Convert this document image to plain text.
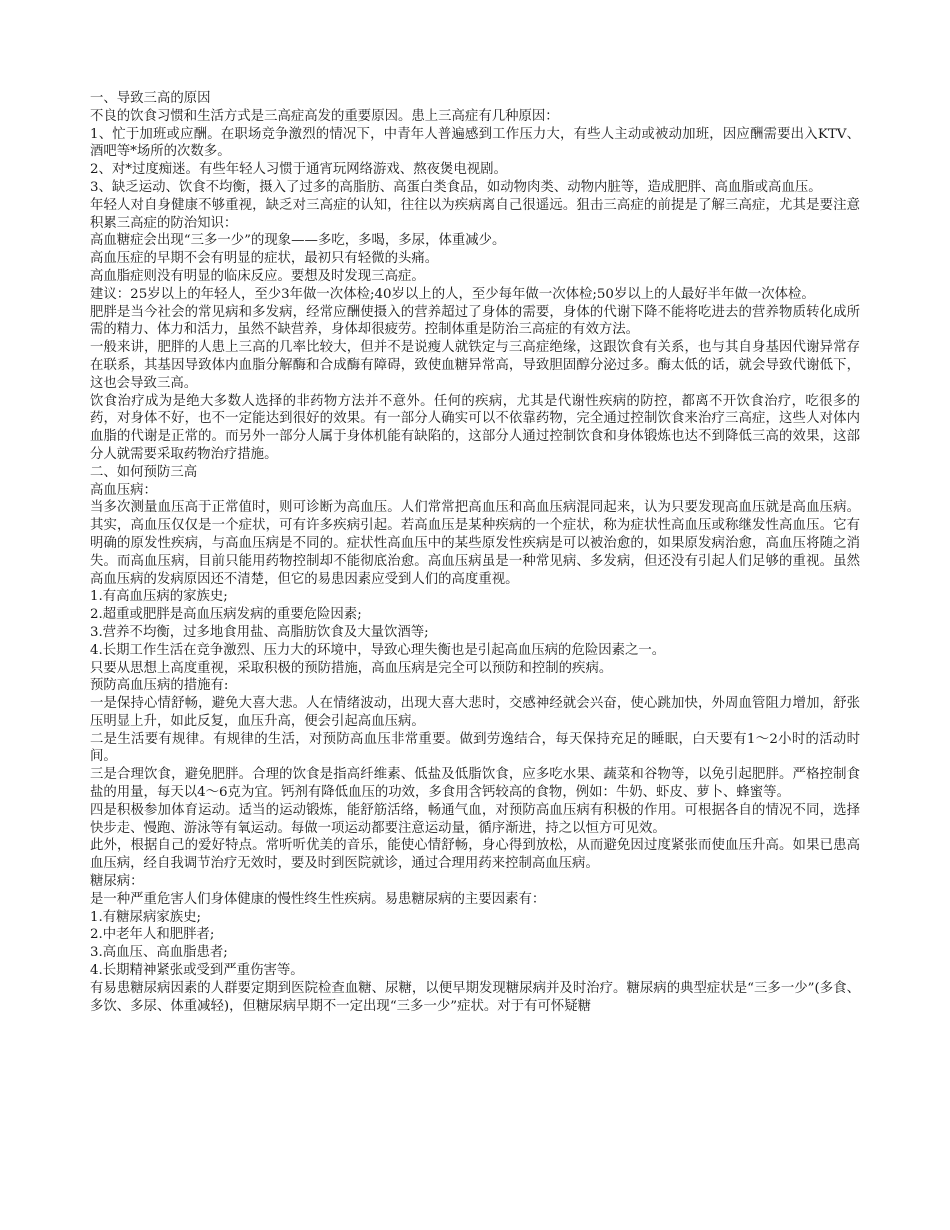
一、导致三高的原因

不良的饮食习惯和生活方式是三高症高发的重要原因。患上三高症有几种原因：

1、忙于加班或应酬。在职场竞争激烈的情况下，中青年人普遍感到工作压力大，有些人主动或被动加班，因应酬需要出入KTV、酒吧等*场所的次数多。

2、对*过度痴迷。有些年轻人习惯于通宵玩网络游戏、熬夜煲电视剧。

3、缺乏运动、饮食不均衡，摄入了过多的高脂肪、高蛋白类食品，如动物肉类、动物内脏等，造成肥胖、高血脂或高血压。

年轻人对自身健康不够重视，缺乏对三高症的认知，往往以为疾病离自己很遥远。狙击三高症的前提是了解三高症，尤其是要注意积累三高症的防治知识：

高血糖症会出现“三多一少”的现象——多吃，多喝，多尿，体重减少。

高血压症的早期不会有明显的症状，最初只有轻微的头痛。

高血脂症则没有明显的临床反应。要想及时发现三高症。

建议：25岁以上的年轻人，至少3年做一次体检;40岁以上的人，至少每年做一次体检;50岁以上的人最好半年做一次体检。

肥胖是当今社会的常见病和多发病，经常应酬使摄入的营养超过了身体的需要，身体的代谢下降不能将吃进去的营养物质转化成所需的精力、体力和活力，虽然不缺营养，身体却很疲劳。控制体重是防治三高症的有效方法。

一般来讲，肥胖的人患上三高的几率比较大，但并不是说瘦人就铁定与三高症绝缘，这跟饮食有关系，也与其自身基因代谢异常存在联系，其基因导致体内血脂分解酶和合成酶有障碍，致使血糖异常高，导致胆固醇分泌过多。酶太低的话，就会导致代谢低下，这也会导致三高。

饮食治疗成为是绝大多数人选择的非药物方法并不意外。任何的疾病，尤其是代谢性疾病的防控，都离不开饮食治疗，吃很多的药，对身体不好，也不一定能达到很好的效果。有一部分人确实可以不依靠药物，完全通过控制饮食来治疗三高症，这些人对体内血脂的代谢是正常的。而另外一部分人属于身体机能有缺陷的，这部分人通过控制饮食和身体锻炼也达不到降低三高的效果，这部分人就需要采取药物治疗措施。

二、如何预防三高

高血压病：

当多次测量血压高于正常值时，则可诊断为高血压。人们常常把高血压和高血压病混同起来，认为只要发现高血压就是高血压病。其实，高血压仅仅是一个症状，可有许多疾病引起。若高血压是某种疾病的一个症状，称为症状性高血压或称继发性高血压。它有明确的原发性疾病，与高血压病是不同的。症状性高血压中的某些原发性疾病是可以被治愈的，如果原发病治愈，高血压将随之消失。而高血压病，目前只能用药物控制却不能彻底治愈。高血压病虽是一种常见病、多发病，但还没有引起人们足够的重视。虽然高血压病的发病原因还不清楚，但它的易患因素应受到人们的高度重视。

1.有高血压病的家族史;

2.超重或肥胖是高血压病发病的重要危险因素;

3.营养不均衡，过多地食用盐、高脂肪饮食及大量饮酒等;

4.长期工作生活在竞争激烈、压力大的环境中，导致心理失衡也是引起高血压病的危险因素之一。

只要从思想上高度重视，采取积极的预防措施，高血压病是完全可以预防和控制的疾病。

预防高血压病的措施有:

一是保持心情舒畅，避免大喜大悲。人在情绪波动，出现大喜大悲时，交感神经就会兴奋，使心跳加快，外周血管阻力增加，舒张压明显上升，如此反复，血压升高，便会引起高血压病。

二是生活要有规律。有规律的生活，对预防高血压非常重要。做到劳逸结合，每天保持充足的睡眠，白天要有1～2小时的活动时间。

三是合理饮食，避免肥胖。合理的饮食是指高纤维素、低盐及低脂饮食，应多吃水果、蔬菜和谷物等，以免引起肥胖。严格控制食盐的用量，每天以4～6克为宜。钙剂有降低血压的功效，多食用含钙较高的食物，例如：牛奶、虾皮、萝卜、蜂蜜等。

四是积极参加体育运动。适当的运动锻炼，能舒筋活络，畅通气血，对预防高血压病有积极的作用。可根据各自的情况不同，选择快步走、慢跑、游泳等有氧运动。每做一项运动都要注意运动量，循序渐进，持之以恒方可见效。

此外，根据自己的爱好特点。常听听优美的音乐，能使心情舒畅，身心得到放松，从而避免因过度紧张而使血压升高。如果已患高血压病，经自我调节治疗无效时，要及时到医院就诊，通过合理用药来控制高血压病。

糖尿病：

是一种严重危害人们身体健康的慢性终生性疾病。易患糖尿病的主要因素有：

1.有糖尿病家族史;

2.中老年人和肥胖者;

3.高血压、高血脂患者;

4.长期精神紧张或受到严重伤害等。

有易患糖尿病因素的人群要定期到医院检查血糖、尿糖，以便早期发现糖尿病并及时治疗。糖尿病的典型症状是“三多一少”(多食、多饮、多尿、体重减轻)，但糖尿病早期不一定出现“三多一少”症状。对于有可怀疑糖
